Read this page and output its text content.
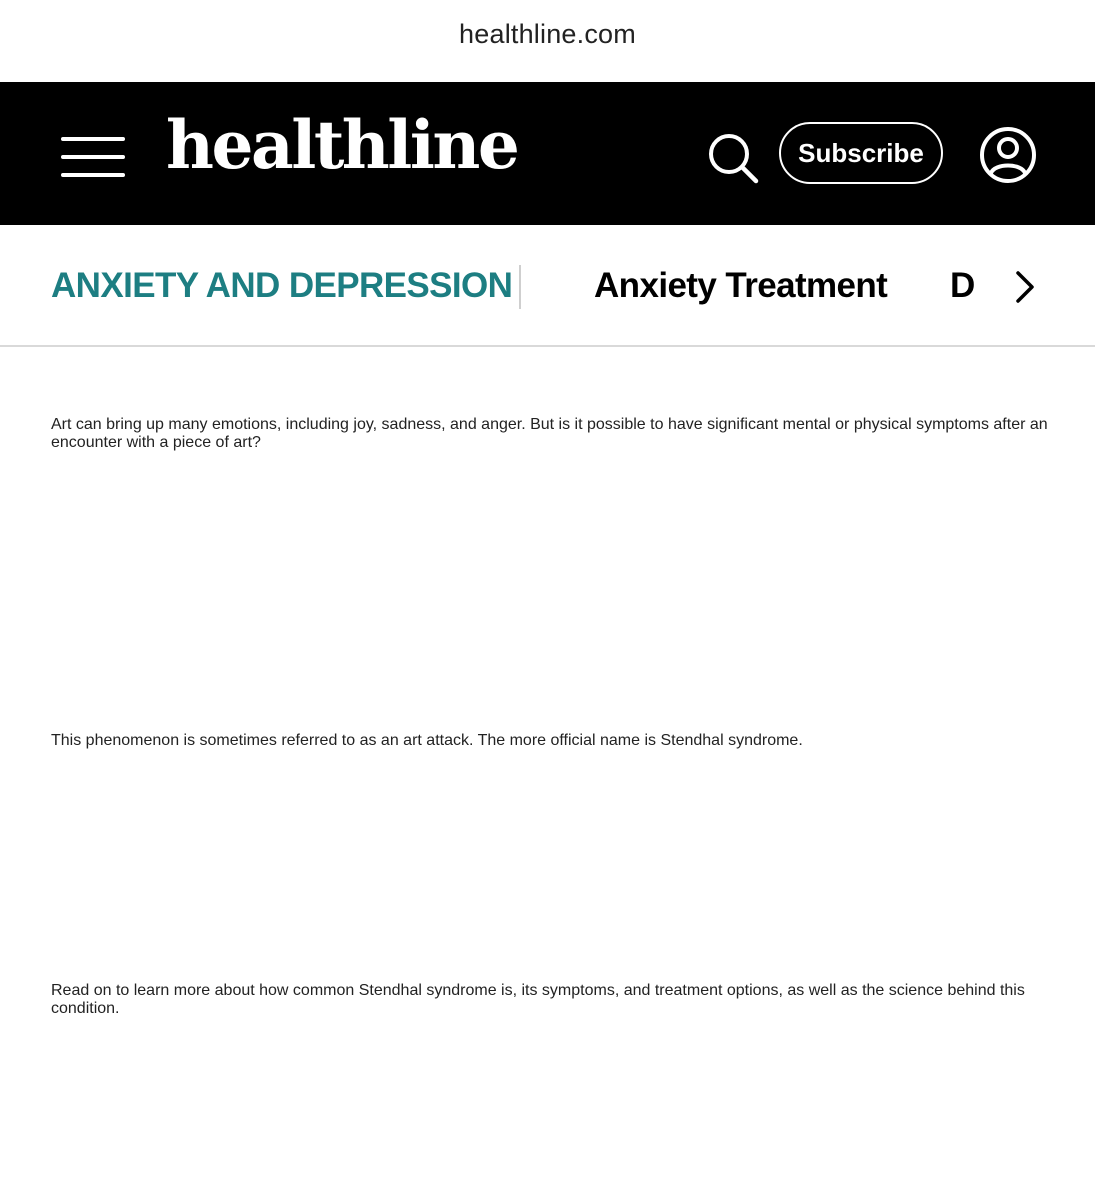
healthline.com
healthline	Subscribe
ANXIETY AND DEPRESSION Anxiety Treatment D

Art can bring up many emotions, including joy, sadness, and anger. But is it possible to have significant mental or physical symptoms after an encounter with a piece of art?

This phenomenon is sometimes referred to as an art attack. The more official name is Stendhal syndrome.

Read on to learn more about how common Stendhal syndrome is, its symptoms, and treatment options, as well as the science behind this condition.
